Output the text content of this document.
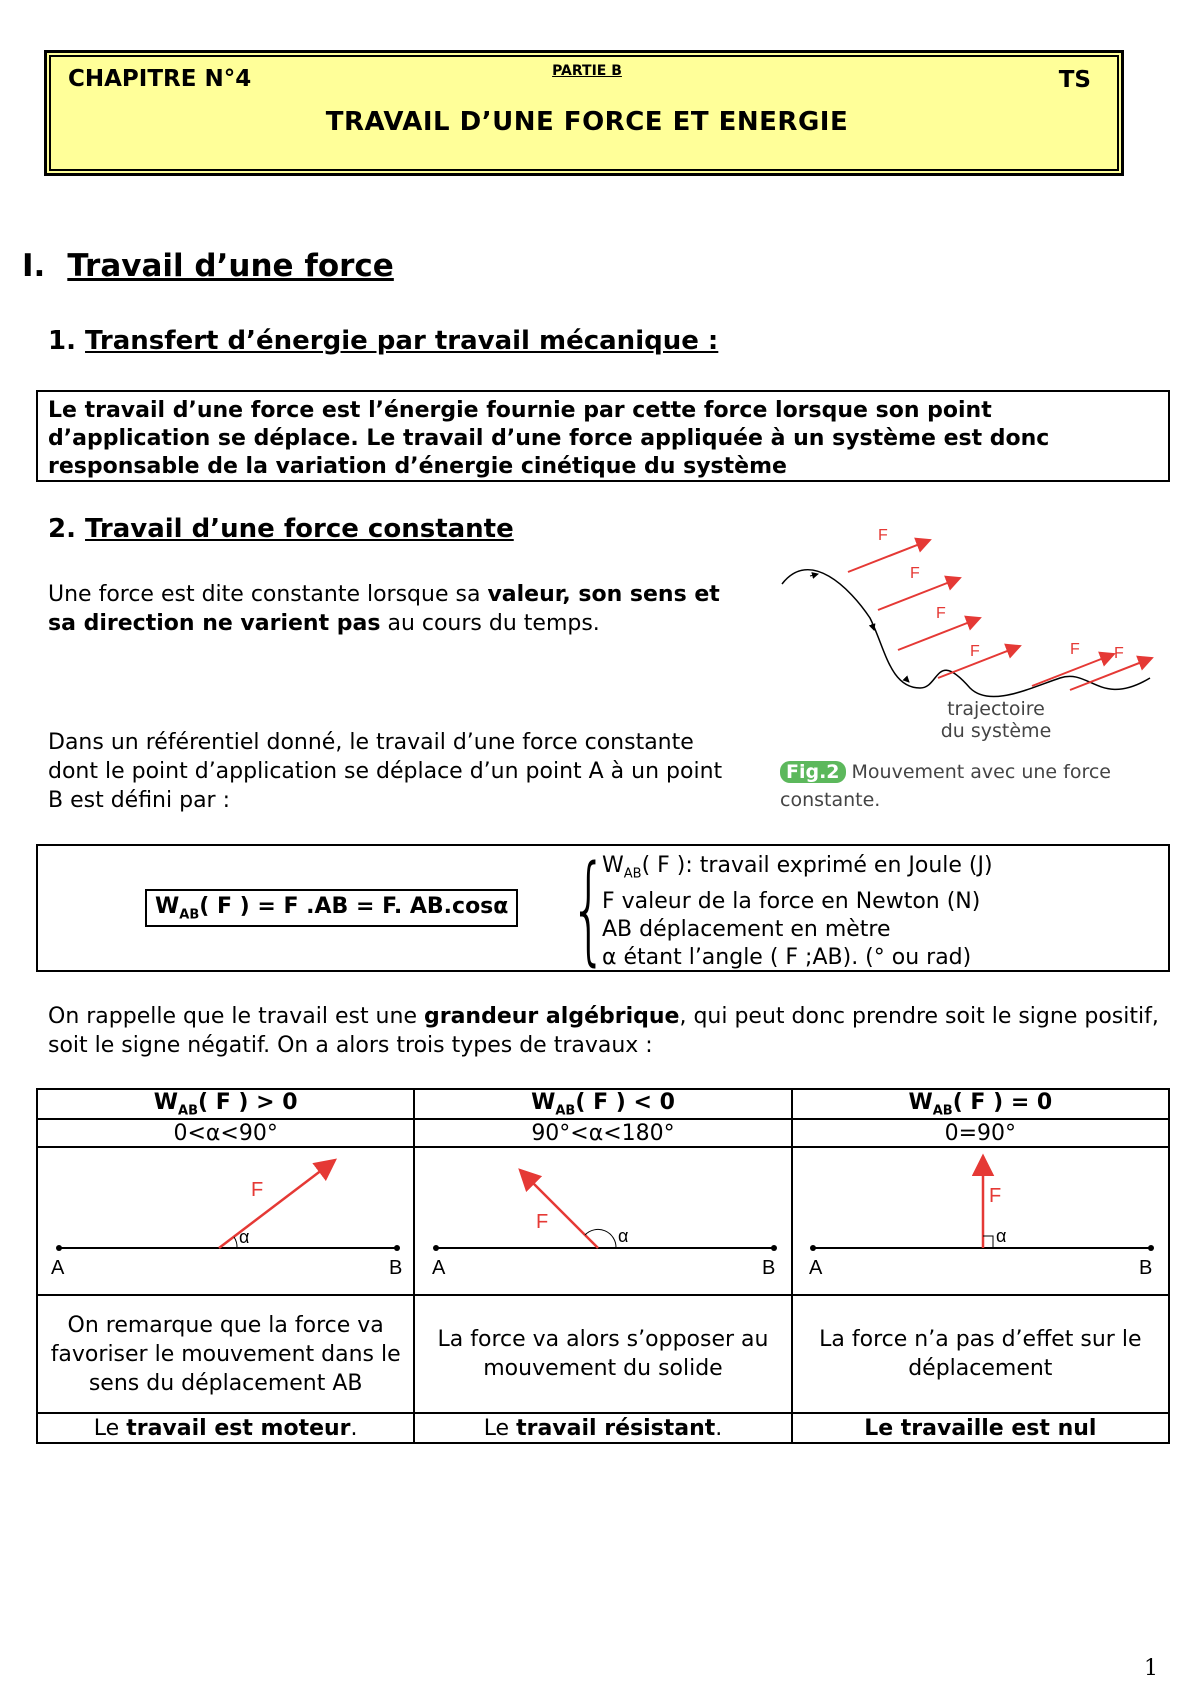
PARTIE B	TS
TRAVAIL D’UNE FORCE ET ENERGIE
CHAPITRE N°4
I. Travail d’une force
1. Transfert d’énergie par travail mécanique :
Le travail d’une force est l’énergie fournie par cette force lorsque son point d’application se déplace. Le travail d’une force appliquée à un système est donc responsable de la variation d’énergie cinétique du système
2. Travail d’une force constante
Une force est dite constante lorsque sa valeur, son sens et sa direction ne varient pas au cours du temps.
Dans un référentiel donné, le travail d’une force constante dont le point d’application se déplace d’un point A à un point B est défini par :
F
F
F
F	F F
trajectoire
du système
Fig.2 Mouvement avec une force constante.
$W_{AB}$( F ) = F .AB = F. AB.cosα {
$W_{AB}$( F ): travail exprimé en Joule (J)
F valeur de la force en Newton (N)
AB déplacement en mètre
α étant l’angle ( F ;AB). (° ou rad)
On rappelle que le travail est une grandeur algébrique, qui peut donc prendre soit le signe positif, soit le signe négatif. On a alors trois types de travaux :
$W_{AB}$( F ) > 0	$W_{AB}$( F ) < 0	$W_{AB}$( F ) = 0
0<α<90°	90°<α<180°	0=90°

α
F
A B	α
F
A B	α
F
A B

On remarque que la force va favoriser le mouvement dans le sens du déplacement AB	La force va alors s’opposer au mouvement du solide	La force n’a pas d’effet sur le déplacement
Le travail est moteur.	Le travail résistant.	Le travaille est nul
1
